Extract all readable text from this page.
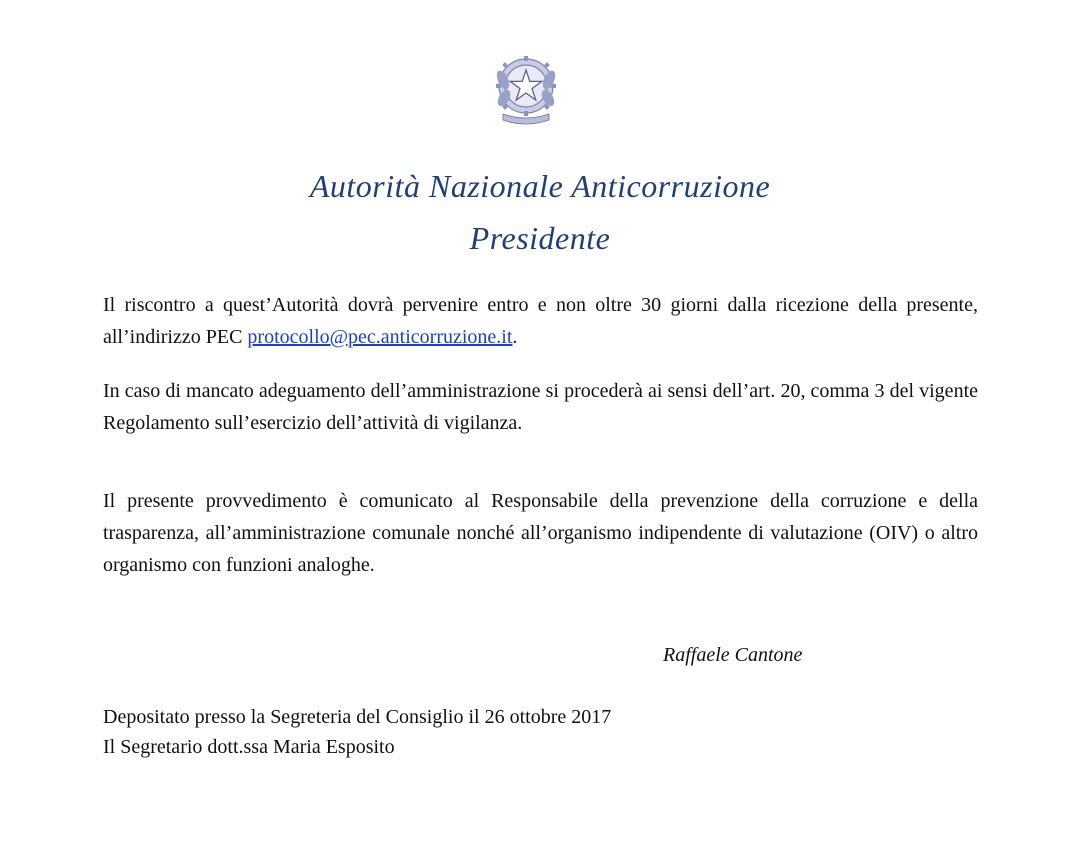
Autorità Nazionale Anticorruzione
Presidente

Il riscontro a quest’Autorità dovrà pervenire entro e non oltre 30 giorni dalla ricezione della presente, all’indirizzo PEC protocollo@pec.anticorruzione.it.

In caso di mancato adeguamento dell’amministrazione si procederà ai sensi dell’art. 20, comma 3 del vigente Regolamento sull’esercizio dell’attività di vigilanza.

Il presente provvedimento è comunicato al Responsabile della prevenzione della corruzione e della trasparenza, all’amministrazione comunale nonché all’organismo indipendente di valutazione (OIV) o altro organismo con funzioni analoghe.

Raffaele Cantone
Depositato presso la Segreteria del Consiglio il 26 ottobre 2017
Il Segretario dott.ssa Maria Esposito
